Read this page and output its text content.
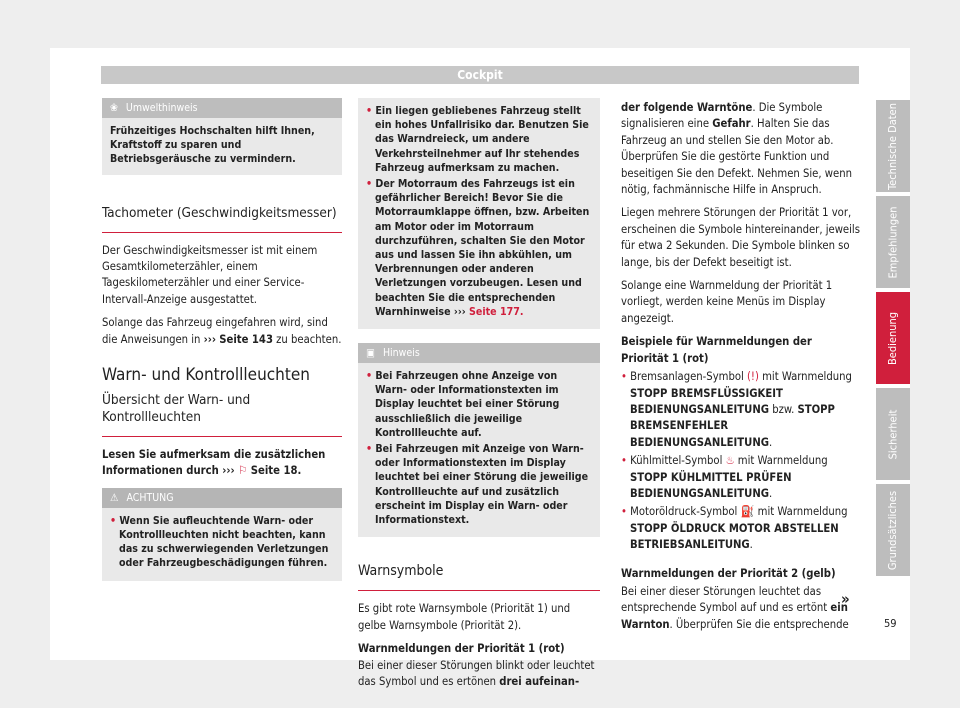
Cockpit
❀ Umwelthinweis
Frühzeitiges Hochschalten hilft Ihnen, Kraftstoff zu sparen und Betriebsgeräusche zu vermindern.
Tachometer (Geschwindigkeitsmesser)

Der Geschwindigkeitsmesser ist mit einem Gesamtkilometerzähler, einem Tageskilometerzähler und einer Service-Intervall-Anzeige ausgestattet.

Solange das Fahrzeug eingefahren wird, sind die Anweisungen in ››› Seite 143 zu beachten.

Warn- und Kontrollleuchten
Übersicht der Warn- und Kontrollleuchten

Lesen Sie aufmerksam die zusätzlichen Informationen durch ››› ⚐ Seite 18.

⚠ ACHTUNG
• Wenn Sie aufleuchtende Warn- oder Kontrollleuchten nicht beachten, kann das zu schwerwiegenden Verletzungen oder Fahrzeugbeschädigungen führen.
• Ein liegen gebliebenes Fahrzeug stellt ein hohes Unfallrisiko dar. Benutzen Sie das Warndreieck, um andere Verkehrsteilnehmer auf Ihr stehendes Fahrzeug aufmerksam zu machen.
• Der Motorraum des Fahrzeugs ist ein gefährlicher Bereich! Bevor Sie die Motorraumklappe öffnen, bzw. Arbeiten am Motor oder im Motorraum durchzuführen, schalten Sie den Motor aus und lassen Sie ihn abkühlen, um Verbrennungen oder anderen Verletzungen vorzubeugen. Lesen und beachten Sie die entsprechenden Warnhinweise ››› Seite 177.
▣ Hinweis
• Bei Fahrzeugen ohne Anzeige von Warn- oder Informationstexten im Display leuchtet bei einer Störung ausschließlich die jeweilige Kontrollleuchte auf.
• Bei Fahrzeugen mit Anzeige von Warn- oder Informationstexten im Display leuchtet bei einer Störung die jeweilige Kontrollleuchte auf und zusätzlich erscheint im Display ein Warn- oder Informationstext.
Warnsymbole

Es gibt rote Warnsymbole (Priorität 1) und gelbe Warnsymbole (Priorität 2).

Warnmeldungen der Priorität 1 (rot)

Bei einer dieser Störungen blinkt oder leuchtet das Symbol und es ertönen drei aufeinan-

der folgende Warntöne. Die Symbole signalisieren eine Gefahr. Halten Sie das Fahrzeug an und stellen Sie den Motor ab. Überprüfen Sie die gestörte Funktion und beseitigen Sie den Defekt. Nehmen Sie, wenn nötig, fachmännische Hilfe in Anspruch.

Liegen mehrere Störungen der Priorität 1 vor, erscheinen die Symbole hintereinander, jeweils für etwa 2 Sekunden. Die Symbole blinken so lange, bis der Defekt beseitigt ist.

Solange eine Warnmeldung der Priorität 1 vorliegt, werden keine Menüs im Display angezeigt.

Beispiele für Warnmeldungen der Priorität 1 (rot)

• Bremsanlagen-Symbol (!) mit Warnmeldung STOPP BREMSFLÜSSIGKEIT BEDIENUNGSANLEITUNG bzw. STOPP BREMSENFEHLER BEDIENUNGSANLEITUNG.
• Kühlmittel-Symbol ♨ mit Warnmeldung STOPP KÜHLMITTEL PRÜFEN BEDIENUNGSANLEITUNG.
• Motoröldruck-Symbol ⛽ mit Warnmeldung STOPP ÖLDRUCK MOTOR ABSTELLEN BETRIEBSANLEITUNG.

Warnmeldungen der Priorität 2 (gelb)

Bei einer dieser Störungen leuchtet das entsprechende Symbol auf und es ertönt ein Warnton. Überprüfen Sie die entsprechende

»
Technische Daten
Empfehlungen
Bedienung
Sicherheit
Grundsätzliches
59
